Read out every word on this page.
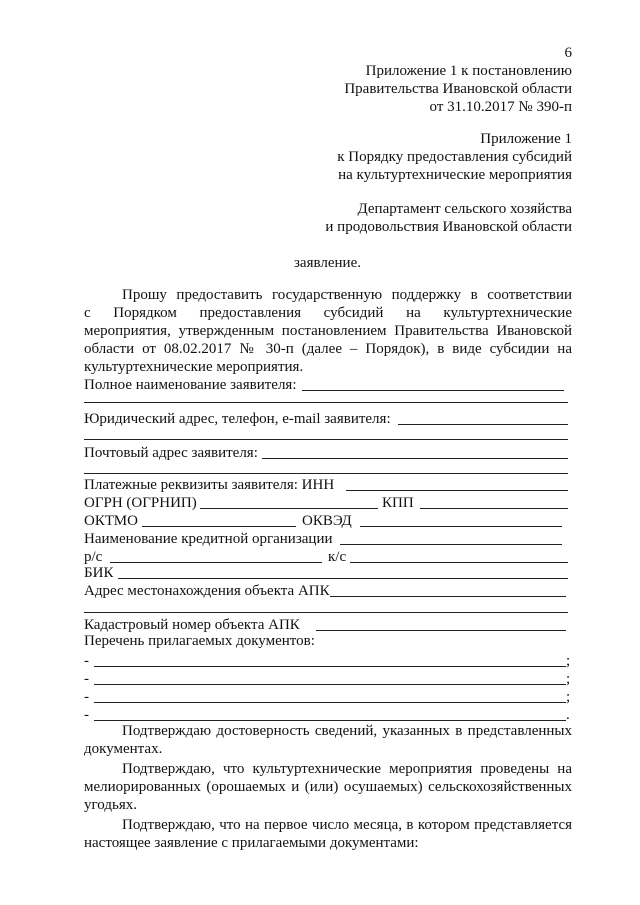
6
Приложение 1 к постановлению
Правительства Ивановской области
от 31.10.2017 № 390-п
Приложение 1
к Порядку предоставления субсидий
на культуртехнические мероприятия
Департамент сельского хозяйства
и продовольствия Ивановской области
заявление.
Прошу предоставить государственную поддержку в соответствии
с Порядком предоставления субсидий на культуртехнические
мероприятия, утвержденным постановлением Правительства Ивановской
области от 08.02.2017 № 30-п (далее – Порядок), в виде субсидии на
культуртехнические мероприятия.
Полное наименование заявителя:
Юридический адрес, телефон, e-mail заявителя:
Почтовый адрес заявителя:
Платежные реквизиты заявителя: ИНН
ОГРН (ОГРНИП)	КПП
ОКТМО	ОКВЭД
Наименование кредитной организации
р/с	к/с
БИК
Адрес местонахождения объекта АПК
Кадастровый номер объекта АПК
Перечень прилагаемых документов:
-	;
-	;
-	;
-	.
Подтверждаю достоверность сведений, указанных в представленных
документах.
Подтверждаю, что культуртехнические мероприятия проведены на
мелиорированных (орошаемых и (или) осушаемых) сельскохозяйственных
угодьях.
Подтверждаю, что на первое число месяца, в котором представляется
настоящее заявление с прилагаемыми документами:
